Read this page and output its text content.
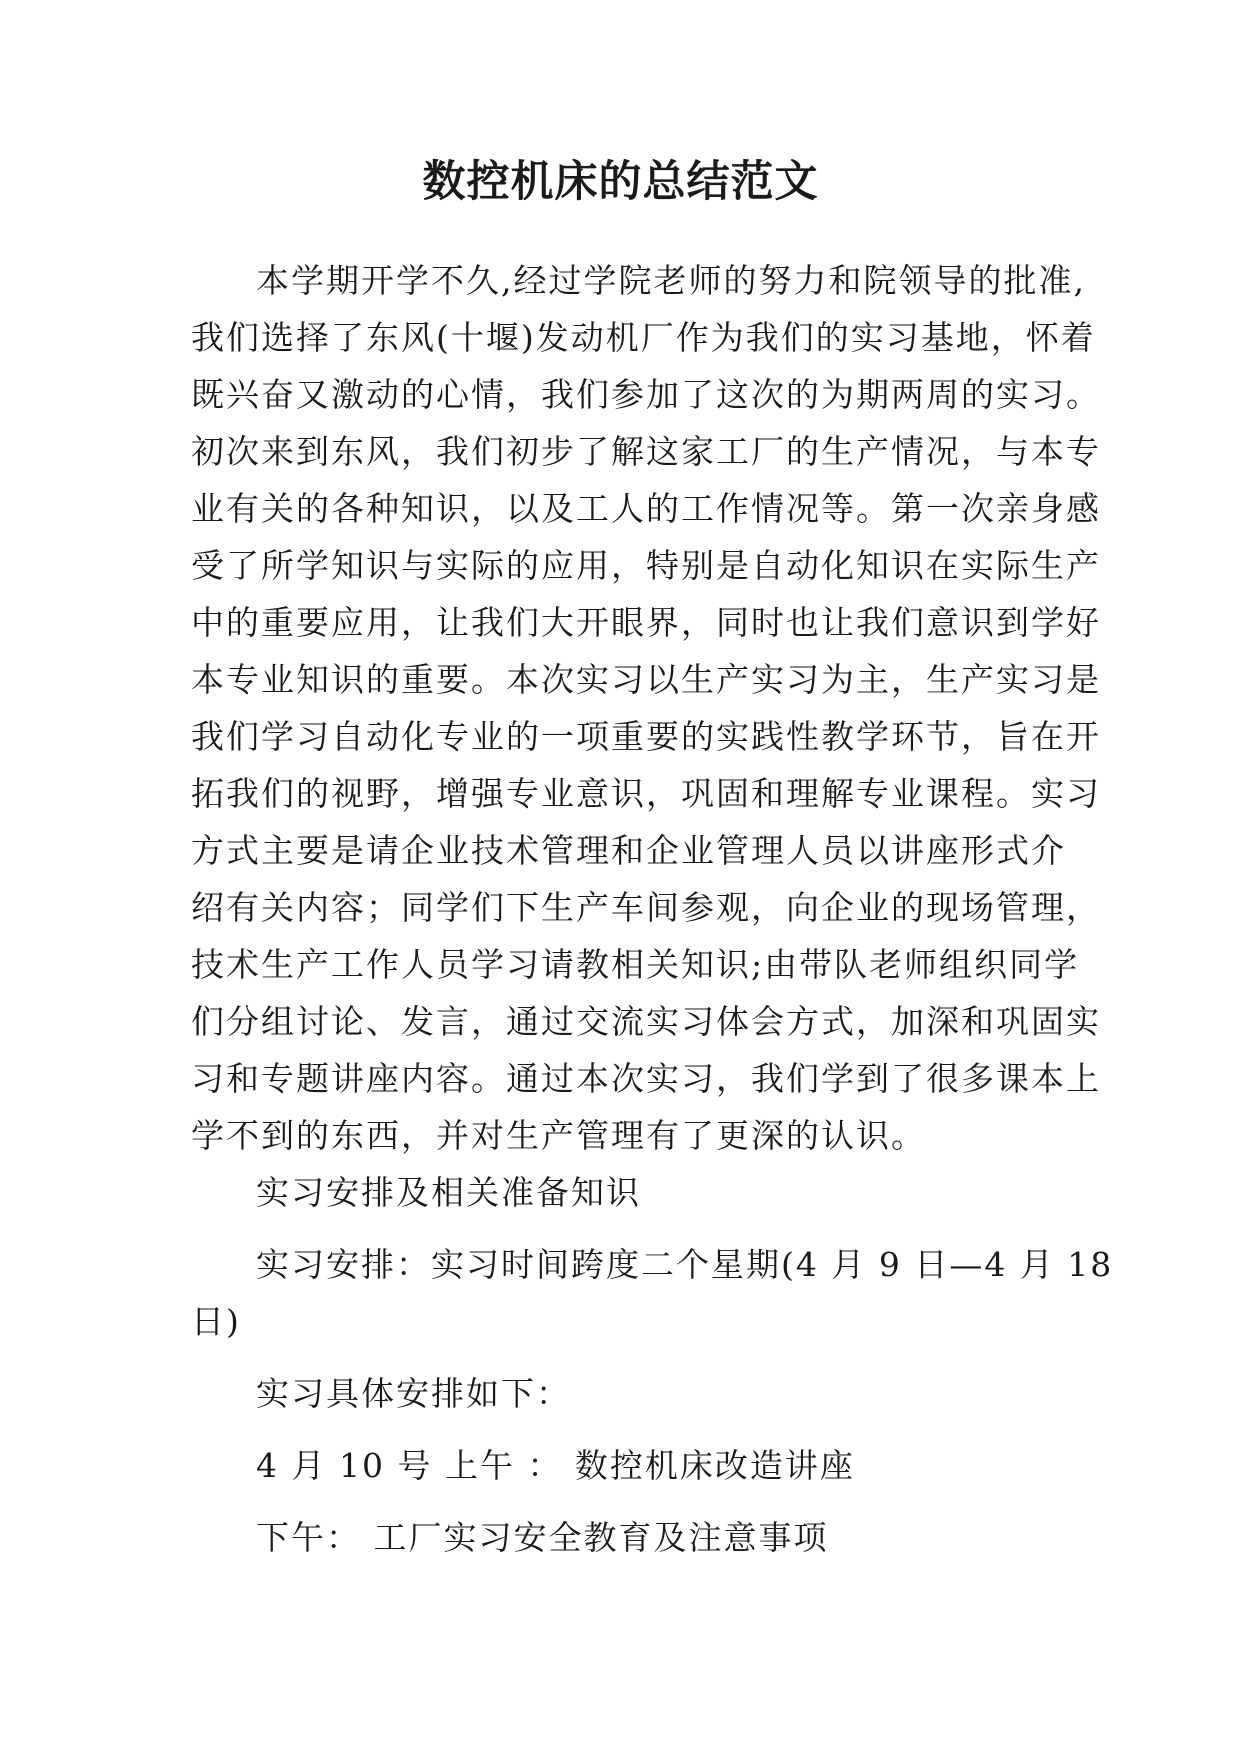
数控机床的总结范文

本学期开学不久,经过学院老师的努力和院领导的批准,

我们选择了东风(十堰)发动机厂作为我们的实习基地，怀着

既兴奋又激动的心情，我们参加了这次的为期两周的实习。

初次来到东风，我们初步了解这家工厂的生产情况，与本专

业有关的各种知识，以及工人的工作情况等。第一次亲身感

受了所学知识与实际的应用，特别是自动化知识在实际生产

中的重要应用，让我们大开眼界，同时也让我们意识到学好

本专业知识的重要。本次实习以生产实习为主，生产实习是

我们学习自动化专业的一项重要的实践性教学环节，旨在开

拓我们的视野，增强专业意识，巩固和理解专业课程。实习

方式主要是请企业技术管理和企业管理人员以讲座形式介

绍有关内容；同学们下生产车间参观，向企业的现场管理，

技术生产工作人员学习请教相关知识;由带队老师组织同学

们分组讨论、发言，通过交流实习体会方式，加深和巩固实

习和专题讲座内容。通过本次实习，我们学到了很多课本上

学不到的东西，并对生产管理有了更深的认识。

实习安排及相关准备知识

实习安排：实习时间跨度二个星期(4 月 9 日—4 月 18

日)

实习具体安排如下：

4 月 10 号 上午 ： 数控机床改造讲座

下午： 工厂实习安全教育及注意事项
